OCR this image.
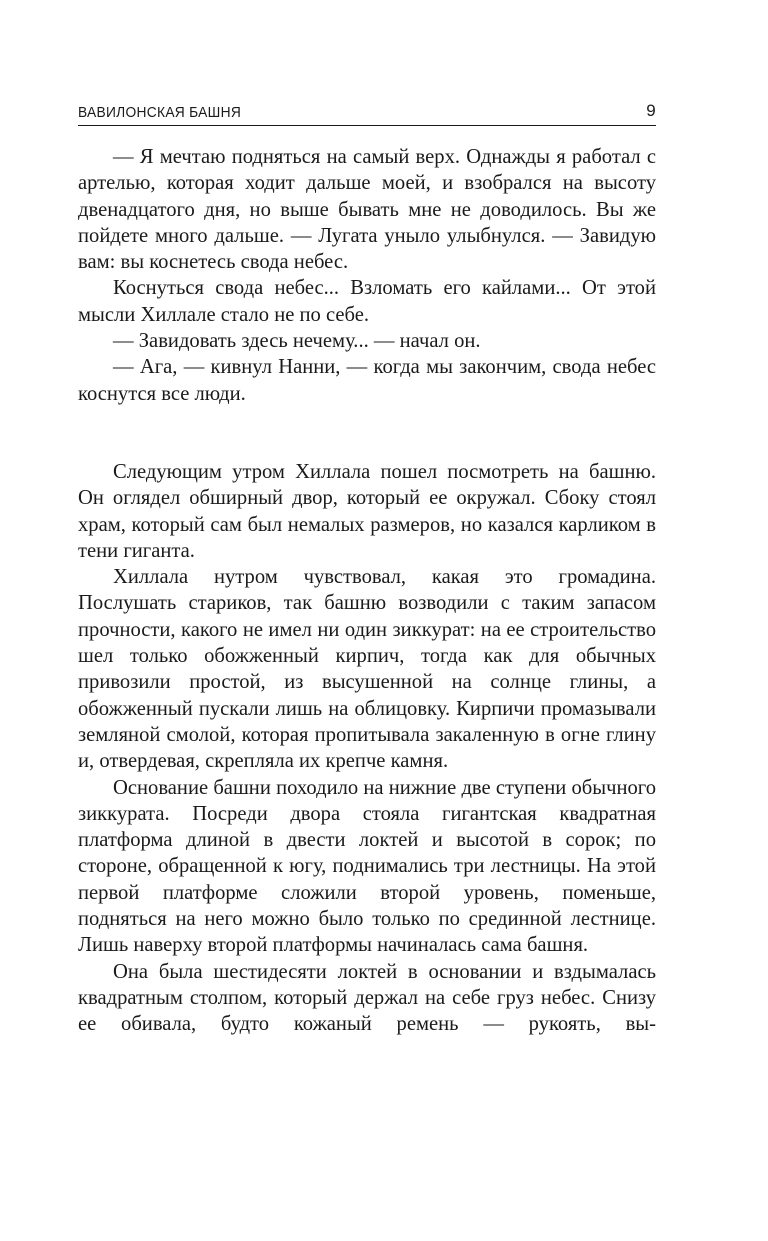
ВАВИЛОНСКАЯ БАШНЯ	9

— Я мечтаю подняться на самый верх. Однажды я работал с артелью, которая ходит дальше моей, и взобрался на высоту двенадцатого дня, но выше бывать мне не доводилось. Вы же пойдете много дальше. — Лугата уныло улыбнулся. — Завидую вам: вы коснетесь свода небес.

Коснуться свода небес... Взломать его кайлами... От этой мысли Хиллале стало не по себе.

— Завидовать здесь нечему... — начал он.

— Ага, — кивнул Нанни, — когда мы закончим, свода небес коснутся все люди.

Следующим утром Хиллала пошел посмотреть на башню. Он оглядел обширный двор, который ее окружал. Сбоку стоял храм, который сам был немалых размеров, но казался карликом в тени гиганта.

Хиллала нутром чувствовал, какая это громадина. Послушать стариков, так башню возводили с таким запасом прочности, какого не имел ни один зиккурат: на ее строительство шел только обожженный кирпич, тогда как для обычных привозили простой, из высушенной на солнце глины, а обожженный пускали лишь на облицовку. Кирпичи промазывали земляной смолой, которая пропитывала закаленную в огне глину и, отвердевая, скрепляла их крепче камня.

Основание башни походило на нижние две ступени обычного зиккурата. Посреди двора стояла гигантская квадратная платформа длиной в двести локтей и высотой в сорок; по стороне, обращенной к югу, поднимались три лестницы. На этой первой платформе сложили второй уровень, поменьше, подняться на него можно было только по срединной лестнице. Лишь наверху второй платформы начиналась сама башня.

Она была шестидесяти локтей в основании и вздымалась квадратным столпом, который держал на себе груз небес. Снизу ее обивала, будто кожаный ремень — рукоять, вы-
